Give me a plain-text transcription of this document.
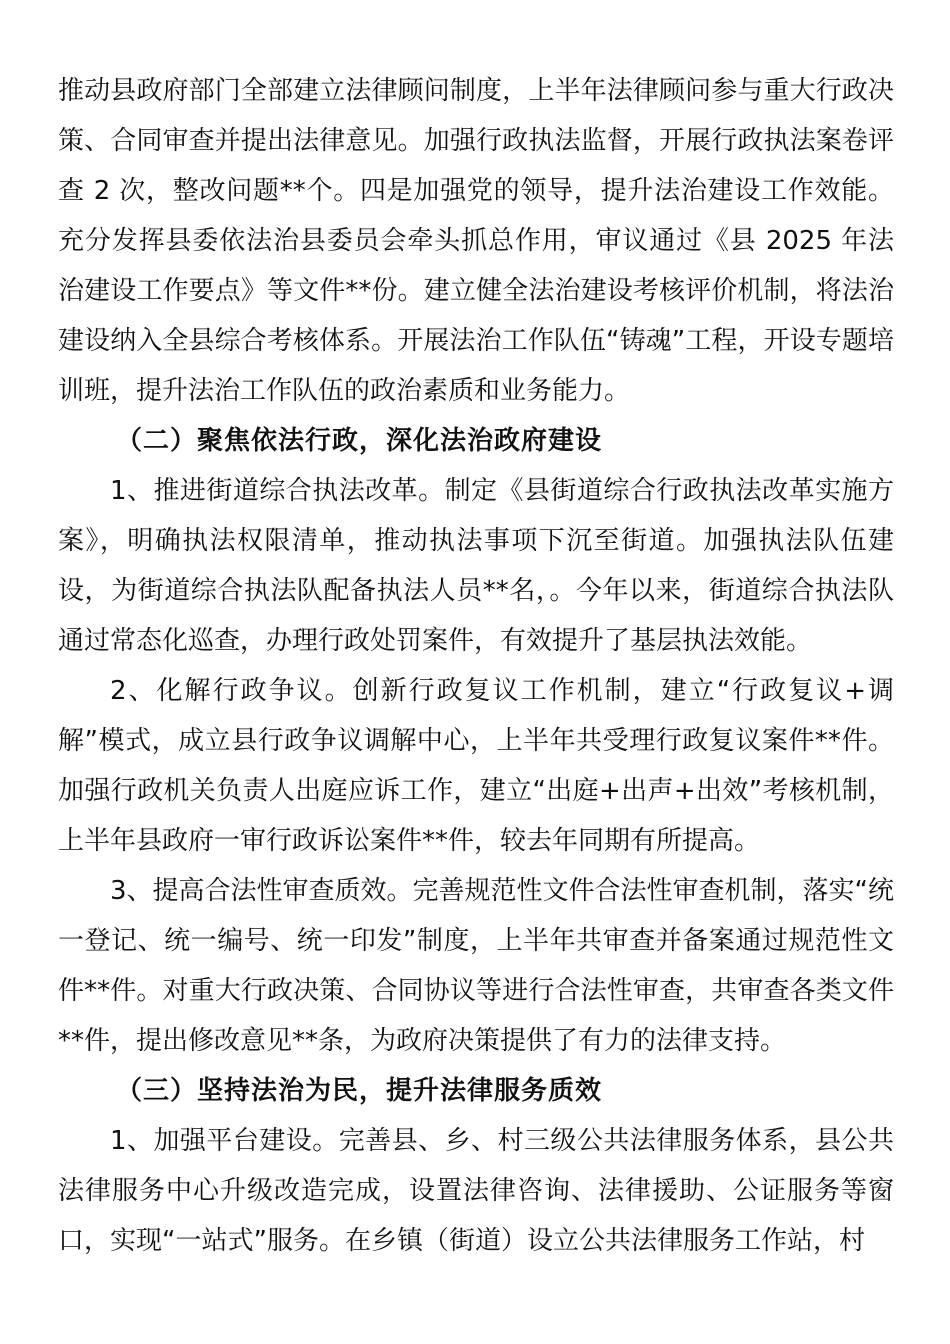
推动县政府部门全部建立法律顾问制度，上半年法律顾问参与重大行政决策、合同审查并提出法律意见。加强行政执法监督，开展行政执法案卷评查 2 次，整改问题**个。四是加强党的领导，提升法治建设工作效能。充分发挥县委依法治县委员会牵头抓总作用，审议通过《县 2025 年法治建设工作要点》等文件**份。建立健全法治建设考核评价机制，将法治建设纳入全县综合考核体系。开展法治工作队伍“铸魂”工程，开设专题培训班，提升法治工作队伍的政治素质和业务能力。

（二）聚焦依法行政，深化法治政府建设

1、推进街道综合执法改革。制定《县街道综合行政执法改革实施方案》，明确执法权限清单，推动执法事项下沉至街道。加强执法队伍建设，为街道综合执法队配备执法人员**名，。今年以来，街道综合执法队通过常态化巡查，办理行政处罚案件，有效提升了基层执法效能。

2、化解行政争议。创新行政复议工作机制，建立“行政复议+调解”模式，成立县行政争议调解中心，上半年共受理行政复议案件**件。加强行政机关负责人出庭应诉工作，建立“出庭+出声+出效”考核机制，上半年县政府一审行政诉讼案件**件，较去年同期有所提高。

3、提高合法性审查质效。完善规范性文件合法性审查机制，落实“统一登记、统一编号、统一印发”制度，上半年共审查并备案通过规范性文件**件。对重大行政决策、合同协议等进行合法性审查，共审查各类文件**件，提出修改意见**条，为政府决策提供了有力的法律支持。

（三）坚持法治为民，提升法律服务质效

1、加强平台建设。完善县、乡、村三级公共法律服务体系，县公共法律服务中心升级改造完成，设置法律咨询、法律援助、公证服务等窗口，实现“一站式”服务。在乡镇（街道）设立公共法律服务工作站，村
